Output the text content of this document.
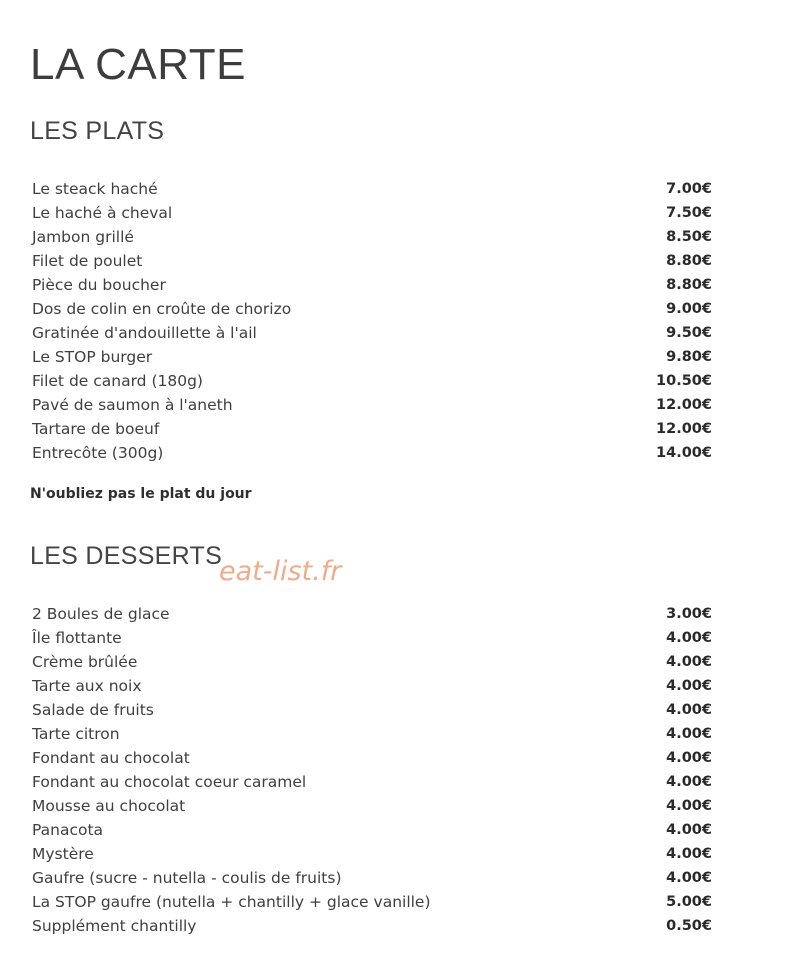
LA CARTE
LES PLATS
Le steack haché	7.00€
Le haché à cheval	7.50€
Jambon grillé	8.50€
Filet de poulet	8.80€
Pièce du boucher	8.80€
Dos de colin en croûte de chorizo	9.00€
Gratinée d'andouillette à l'ail	9.50€
Le STOP burger	9.80€
Filet de canard (180g)	10.50€
Pavé de saumon à l'aneth	12.00€
Tartare de boeuf	12.00€
Entrecôte (300g)	14.00€

N'oubliez pas le plat du jour

LES DESSERTS
eat-list.fr
2 Boules de glace	3.00€
Île flottante	4.00€
Crème brûlée	4.00€
Tarte aux noix	4.00€
Salade de fruits	4.00€
Tarte citron	4.00€
Fondant au chocolat	4.00€
Fondant au chocolat coeur caramel	4.00€
Mousse au chocolat	4.00€
Panacota	4.00€
Mystère	4.00€
Gaufre (sucre - nutella - coulis de fruits)	4.00€
La STOP gaufre (nutella + chantilly + glace vanille)	5.00€
Supplément chantilly	0.50€
